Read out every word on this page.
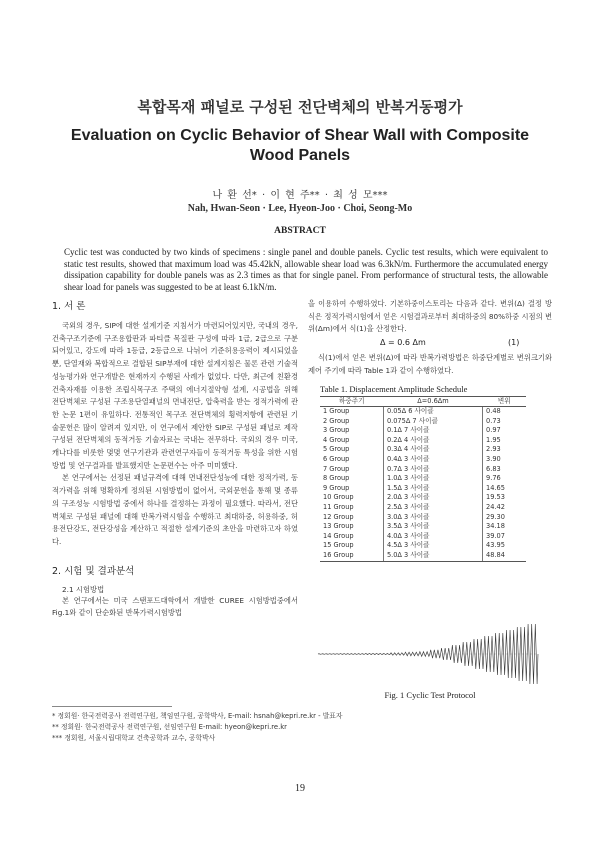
복합목재 패널로 구성된 전단벽체의 반복거동평가
Evaluation on Cyclic Behavior of Shear Wall with Composite Wood Panels
나 환 선* · 이 현 주** · 최 성 모***
Nah, Hwan-Seon · Lee, Hyeon-Joo · Choi, Seong-Mo
ABSTRACT
Cyclic test was conducted by two kinds of specimens : single panel and double panels. Cyclic test results, which were equivalent to static test results, showed that maximum load was 45.42kN, allowable shear load was 6.3kN/m. Furthermore the accumulated energy dissipation capability for double panels was as 2.3 times as that for single panel. From performance of structural tests, the allowable shear load for panels was suggested to be at least 6.1kN/m.
1. 서 론

국외의 경우, SIP에 대한 설계기준 지침서가 마련되어있지만, 국내의 경우, 건축구조기준에 구조용합판과 파티클 목질판 구성에 따라 1급, 2급으로 구분되어있고, 강도에 따라 1등급, 2등급으로 나뉘어 기준허용응력이 제시되었을 뿐, 단열재와 복합적으로 결합된 SIP부재에 대한 설계지침은 물론 관련 기술적 성능평가와 연구개발은 현재까지 수행된 사례가 없었다. 다만, 최근에 친환경 건축자재를 이용한 조립식목구조 주택의 에너지절약형 설계, 시공법을 위해 전단벽체로 구성된 구조용단열패널의 면내전단, 압축력을 받는 정적가력에 관한 논문 1편이 유일하다. 전통적인 목구조 전단벽체의 횡력저항에 관련된 기술문헌은 많이 알려져 있지만, 이 연구에서 제안한 SIP로 구성된 패널로 제작구성된 전단벽체의 동적거동 기술자료는 국내는 전무하다. 국외의 경우 미국, 캐나다를 비롯한 몇몇 연구기관과 관련연구자들이 동적거동 특성을 위한 시험방법 및 연구결과를 발표했지만 논문편수는 아주 미미했다.

본 연구에서는 선정된 패널규격에 대해 면내전단성능에 대한 정적가력, 동적가력을 위해 명확하게 정의된 시험방법이 없어서, 국외문헌을 통해 몇 종류의 구조성능 시험방법 중에서 하나를 결정하는 과정이 필요했다. 따라서, 전단벽체로 구성된 패널에 대해 반복가력시험을 수행하고 최대하중, 허용하중, 허용전단강도, 전단강성을 계산하고 적절한 설계기준의 초안을 마련하고자 하였다.

2. 시험 및 결과분석
2.1 시험방법

본 연구에서는 미국 스탠포드대학에서 개발한 CUREE 시험방법중에서 Fig.1와 같이 단순화된 반복가력시험방법

을 이용하여 수행하였다. 기본하중이스토리는 다음과 같다. 변위(Δ) 결정 방식은 정적가력시험에서 얻은 시험결과로부터 최대하중의 80%하중 시점의 변위(Δm)에서 식(1)을 산정한다.

Δ = 0.6 Δm	(1)

식(1)에서 얻은 변위(Δ)에 따라 반복가력방법은 하중단계별로 변위크기와 제어 주기에 따라 Table 1과 같이 수행하였다.

Table 1. Displacement Amplitude Schedule
하중주기	Δ=0.6Δm	변위
1 Group	0.05Δ 6 사이클	0.48
2 Group	0.075Δ 7 사이클	0.73
3 Group	0.1Δ 7 사이클	0.97
4 Group	0.2Δ 4 사이클	1.95
5 Group	0.3Δ 4 사이클	2.93
6 Group	0.4Δ 3 사이클	3.90
7 Group	0.7Δ 3 사이클	6.83
8 Group	1.0Δ 3 사이클	9.76
9 Group	1.5Δ 3 사이클	14.65
10 Group	2.0Δ 3 사이클	19.53
11 Group	2.5Δ 3 사이클	24.42
12 Group	3.0Δ 3 사이클	29.30
13 Group	3.5Δ 3 사이클	34.18
14 Group	4.0Δ 3 사이클	39.07
15 Group	4.5Δ 3 사이클	43.95
16 Group	5.0Δ 3 사이클	48.84
Fig. 1 Cyclic Test Protocol
* 정회원· 한국전력공사 전력연구원, 책임연구원, 공학박사, E-mail: hsnah@kepri.re.kr - 발표자
** 정회원· 한국전력공사 전력연구원, 선임연구원 E-mail: hyeon@kepri.re.kr
*** 정회원, 서울시립대학교 건축공학과 교수, 공학박사
19
